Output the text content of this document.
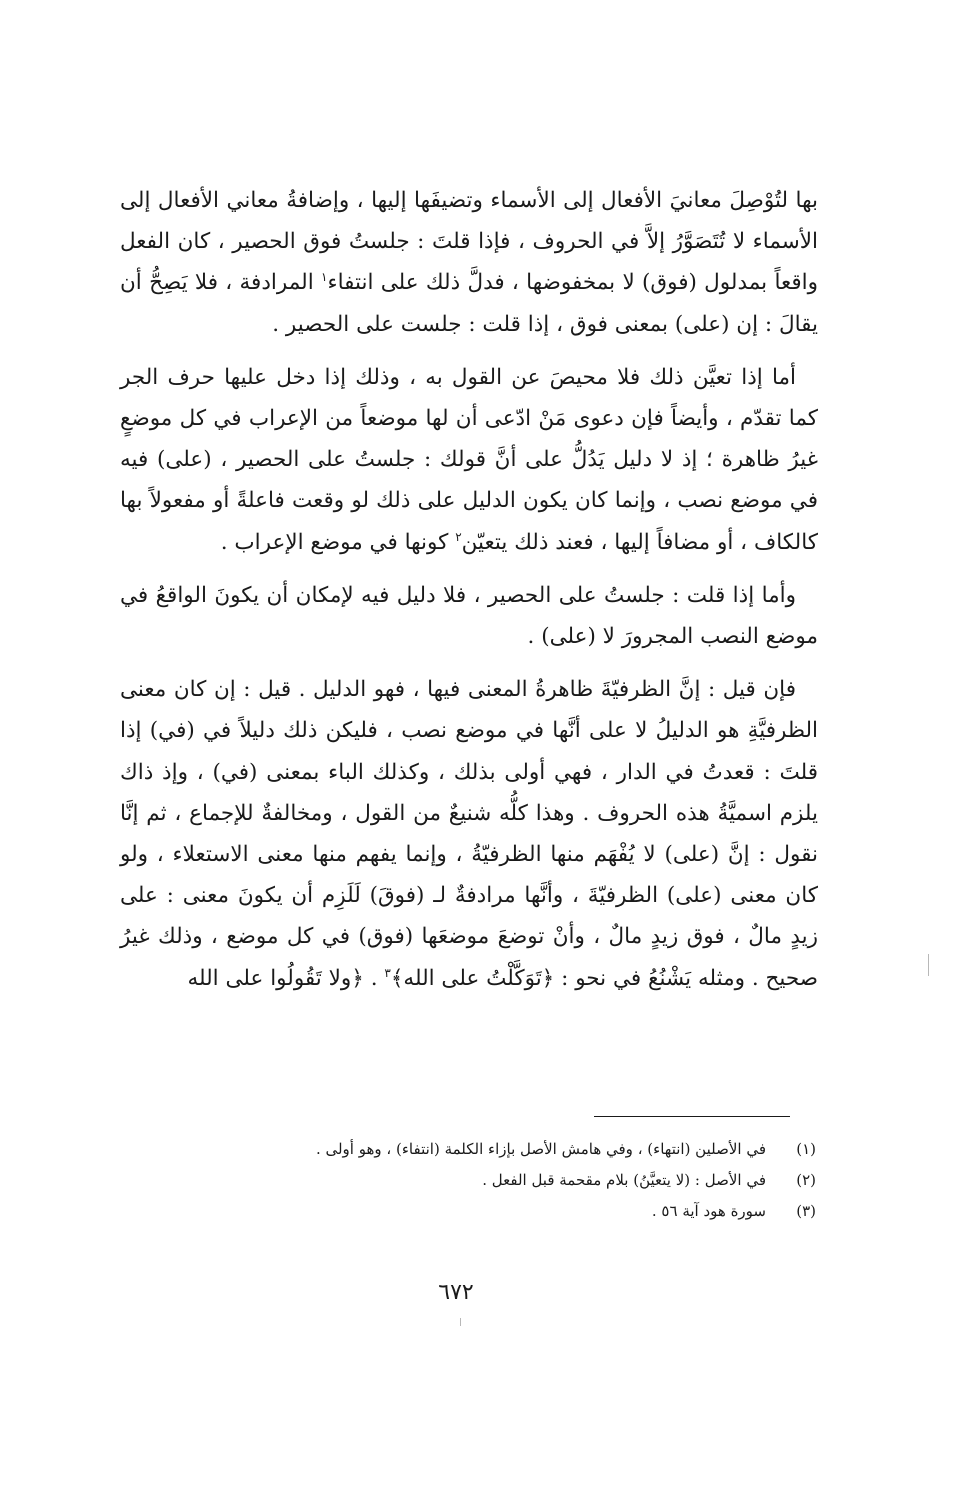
بها لتُوْصِلَ معانيَ الأفعال إلى الأسماء وتضيفَها إليها ، وإضافةُ معاني الأفعال إلى الأسماء لا تُتَصَوَّرُ إلاَّ في الحروف ، فإذا قلتَ : جلستُ فوق الحصير ، كان الفعل واقعاً بمدلول (فوق) لا بمخفوضها ، فدلَّ ذلك على انتفاء$^١$ المرادفة ، فلا يَصِحُّ أن يقالَ : إن (على) بمعنى فوق ، إذا قلت : جلست على الحصير .

أما إذا تعيَّن ذلك فلا محيصَ عن القول به ، وذلك إذا دخل عليها حرف الجر كما تقدّم ، وأيضاً فإن دعوى مَنْ ادّعى أن لها موضعاً من الإعراب في كل موضعٍ غيرُ ظاهرة ؛ إذ لا دليل يَدُلُّ على أنَّ قولك : جلستُ على الحصير ، (على) فيه في موضع نصب ، وإنما كان يكون الدليل على ذلك لو وقعت فاعلةً أو مفعولاً بها كالكاف ، أو مضافاً إليها ، فعند ذلك يتعيّن$^٢$ كونها في موضع الإعراب .

وأما إذا قلت : جلستُ على الحصير ، فلا دليل فيه لإمكان أن يكونَ الواقعُ في موضع النصب المجرورَ لا (على) .

فإن قيل : إنَّ الظرفيّةَ ظاهرةُ المعنى فيها ، فهو الدليل . قيل : إن كان معنى الظرفيَّةِ هو الدليلُ لا على أنَّها في موضع نصب ، فليكن ذلك دليلاً في (في) إذا قلتَ : قعدتُ في الدار ، فهي أولى بذلك ، وكذلك الباء بمعنى (في) ، وإذ ذاك يلزم اسميَّةُ هذه الحروف . وهذا كلُّه شنيعٌ من القول ، ومخالفةٌ للإجماع ، ثم إنَّا نقول : إنَّ (على) لا يُفْهَم منها الظرفيّةُ ، وإنما يفهم منها معنى الاستعلاء ، ولو كان معنى (على) الظرفيّةَ ، وأنَّها مرادفةٌ لـ (فوقَ) لَلَزِم أن يكونَ معنى : على زيدٍ مالٌ ، فوق زيدٍ مالٌ ، وأنْ توضعَ موضعَها (فوق) في كل موضع ، وذلك غيرُ صحيح . ومثله يَشْنُعُ في نحو : ﴿تَوَكَّلْتُ على الله﴾$^٣$ . ﴿ولا تَقُولُوا على الله

(١)
في الأصلين (انتهاء) ، وفي هامش الأصل بإزاء الكلمة (انتفاء) ، وهو أولى .
(٢)
في الأصل : (لا يتعيَّنُ) بلام مقحمة قبل الفعل .
(٣)
سورة هود آية ٥٦ .
٦٧٢
